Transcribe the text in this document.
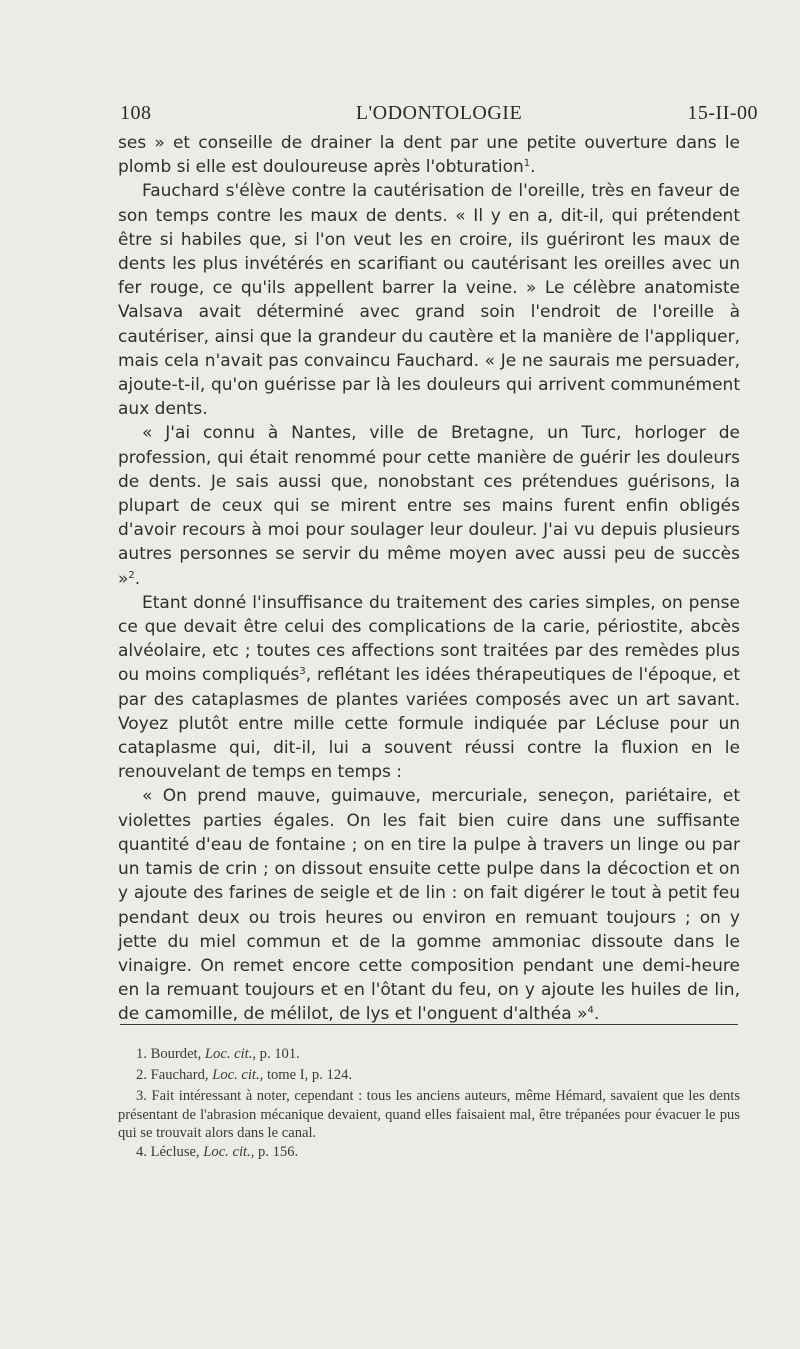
108	L'ODONTOLOGIE	15-II-00

ses » et conseille de drainer la dent par une petite ouverture dans le plomb si elle est douloureuse après l'obturation$^1$.

Fauchard s'élève contre la cautérisation de l'oreille, très en faveur de son temps contre les maux de dents. « Il y en a, dit-il, qui prétendent être si habiles que, si l'on veut les en croire, ils guériront les maux de dents les plus invétérés en scarifiant ou cautérisant les oreilles avec un fer rouge, ce qu'ils appellent barrer la veine. » Le célèbre anatomiste Valsava avait déterminé avec grand soin l'endroit de l'oreille à cautériser, ainsi que la grandeur du cautère et la manière de l'appliquer, mais cela n'avait pas convaincu Fauchard. « Je ne saurais me persuader, ajoute-t-il, qu'on guérisse par là les douleurs qui arrivent communément aux dents.

« J'ai connu à Nantes, ville de Bretagne, un Turc, horloger de profession, qui était renommé pour cette manière de guérir les douleurs de dents. Je sais aussi que, nonobstant ces prétendues guérisons, la plupart de ceux qui se mirent entre ses mains furent enfin obligés d'avoir recours à moi pour soulager leur douleur. J'ai vu depuis plusieurs autres personnes se servir du même moyen avec aussi peu de succès »$^2$.

Etant donné l'insuffisance du traitement des caries simples, on pense ce que devait être celui des complications de la carie, périostite, abcès alvéolaire, etc ; toutes ces affections sont traitées par des remèdes plus ou moins compliqués$^3$, reflétant les idées thérapeutiques de l'époque, et par des cataplasmes de plantes variées composés avec un art savant. Voyez plutôt entre mille cette formule indiquée par Lécluse pour un cataplasme qui, dit-il, lui a souvent réussi contre la fluxion en le renouvelant de temps en temps :

« On prend mauve, guimauve, mercuriale, seneçon, pariétaire, et violettes parties égales. On les fait bien cuire dans une suffisante quantité d'eau de fontaine ; on en tire la pulpe à travers un linge ou par un tamis de crin ; on dissout ensuite cette pulpe dans la décoction et on y ajoute des farines de seigle et de lin : on fait digérer le tout à petit feu pendant deux ou trois heures ou environ en remuant toujours ; on y jette du miel commun et de la gomme ammoniac dissoute dans le vinaigre. On remet encore cette composition pendant une demi-heure en la remuant toujours et en l'ôtant du feu, on y ajoute les huiles de lin, de camomille, de mélilot, de lys et l'onguent d'althéa »$^4$.

1. Bourdet, Loc. cit., p. 101.

2. Fauchard, Loc. cit., tome I, p. 124.

3. Fait intéressant à noter, cependant : tous les anciens auteurs, même Hémard, savaient que les dents présentant de l'abrasion mécanique devaient, quand elles faisaient mal, être trépanées pour évacuer le pus qui se trouvait alors dans le canal.

4. Lécluse, Loc. cit., p. 156.
